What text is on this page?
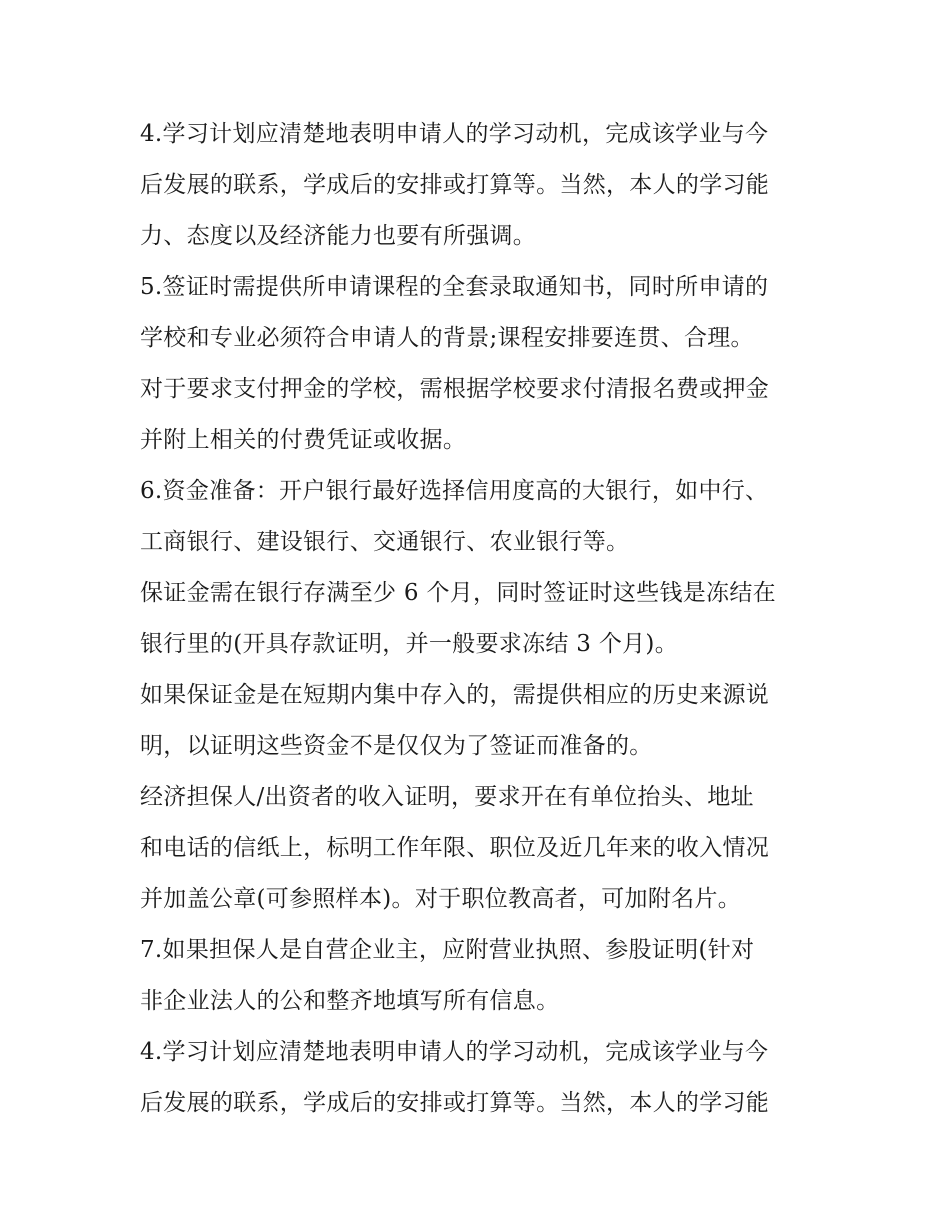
4.学习计划应清楚地表明申请人的学习动机，完成该学业与今
后发展的联系，学成后的安排或打算等。当然，本人的学习能
力、态度以及经济能力也要有所强调。
5.签证时需提供所申请课程的全套录取通知书，同时所申请的
学校和专业必须符合申请人的背景;课程安排要连贯、合理。
对于要求支付押金的学校，需根据学校要求付清报名费或押金
并附上相关的付费凭证或收据。
6.资金准备：开户银行最好选择信用度高的大银行，如中行、
工商银行、建设银行、交通银行、农业银行等。
保证金需在银行存满至少 6 个月，同时签证时这些钱是冻结在
银行里的(开具存款证明，并一般要求冻结 3 个月)。
如果保证金是在短期内集中存入的，需提供相应的历史来源说
明，以证明这些资金不是仅仅为了签证而准备的。
经济担保人/出资者的收入证明，要求开在有单位抬头、地址
和电话的信纸上，标明工作年限、职位及近几年来的收入情况
并加盖公章(可参照样本)。对于职位教高者，可加附名片。
7.如果担保人是自营企业主，应附营业执照、参股证明(针对
非企业法人的公和整齐地填写所有信息。
4.学习计划应清楚地表明申请人的学习动机，完成该学业与今
后发展的联系，学成后的安排或打算等。当然，本人的学习能
